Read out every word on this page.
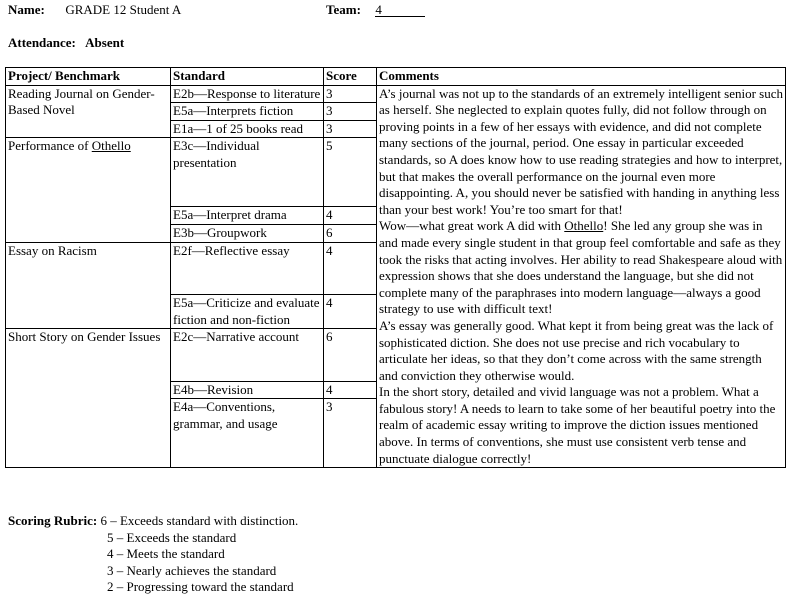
Name: GRADE 12 Student A	Team: 4
Attendance: Absent
Project/ Benchmark	Standard	Score	Comments
Reading Journal on Gender-Based Novel	E2b—Response to literature	3	A’s journal was not up to the standards of an extremely intelligent senior such as herself. She neglected to explain quotes fully, did not follow through on proving points in a few of her essays with evidence, and did not complete many sections of the journal, period. One essay in particular exceeded standards, so A does know how to use reading strategies and how to interpret, but that makes the overall performance on the journal even more disappointing. A, you should never be satisfied with handing in anything less than your best work! You’re too smart for that!

Wow—what great work A did with Othello! She led any group she was in and made every single student in that group feel comfortable and safe as they took the risks that acting involves. Her ability to read Shakespeare aloud with expression shows that she does understand the language, but she did not complete many of the paraphrases into modern language—always a good strategy to use with difficult text!

A’s essay was generally good. What kept it from being great was the lack of sophisticated diction. She does not use precise and rich vocabulary to articulate her ideas, so that they don’t come across with the same strength and conviction they otherwise would.

In the short story, detailed and vivid language was not a problem. What a fabulous story! A needs to learn to take some of her beautiful poetry into the realm of academic essay writing to improve the diction issues mentioned above. In terms of conventions, she must use consistent verb tense and punctuate dialogue correctly!

	E5a—Interprets fiction	3	
	E1a—1 of 25 books read	3	
Performance of Othello	E3c—Individual presentation	5	
	E5a—Interpret drama	4	
	E3b—Groupwork	6	
Essay on Racism	E2f—Reflective essay	4	
	E5a—Criticize and evaluate fiction and non-fiction	4	
Short Story on Gender Issues	E2c—Narrative account	6	
	E4b—Revision	4	
	E4a—Conventions, grammar, and usage	3	

Scoring Rubric: 6 – Exceeds standard with distinction.
5 – Exceeds the standard
4 – Meets the standard
3 – Nearly achieves the standard
2 – Progressing toward the standard
